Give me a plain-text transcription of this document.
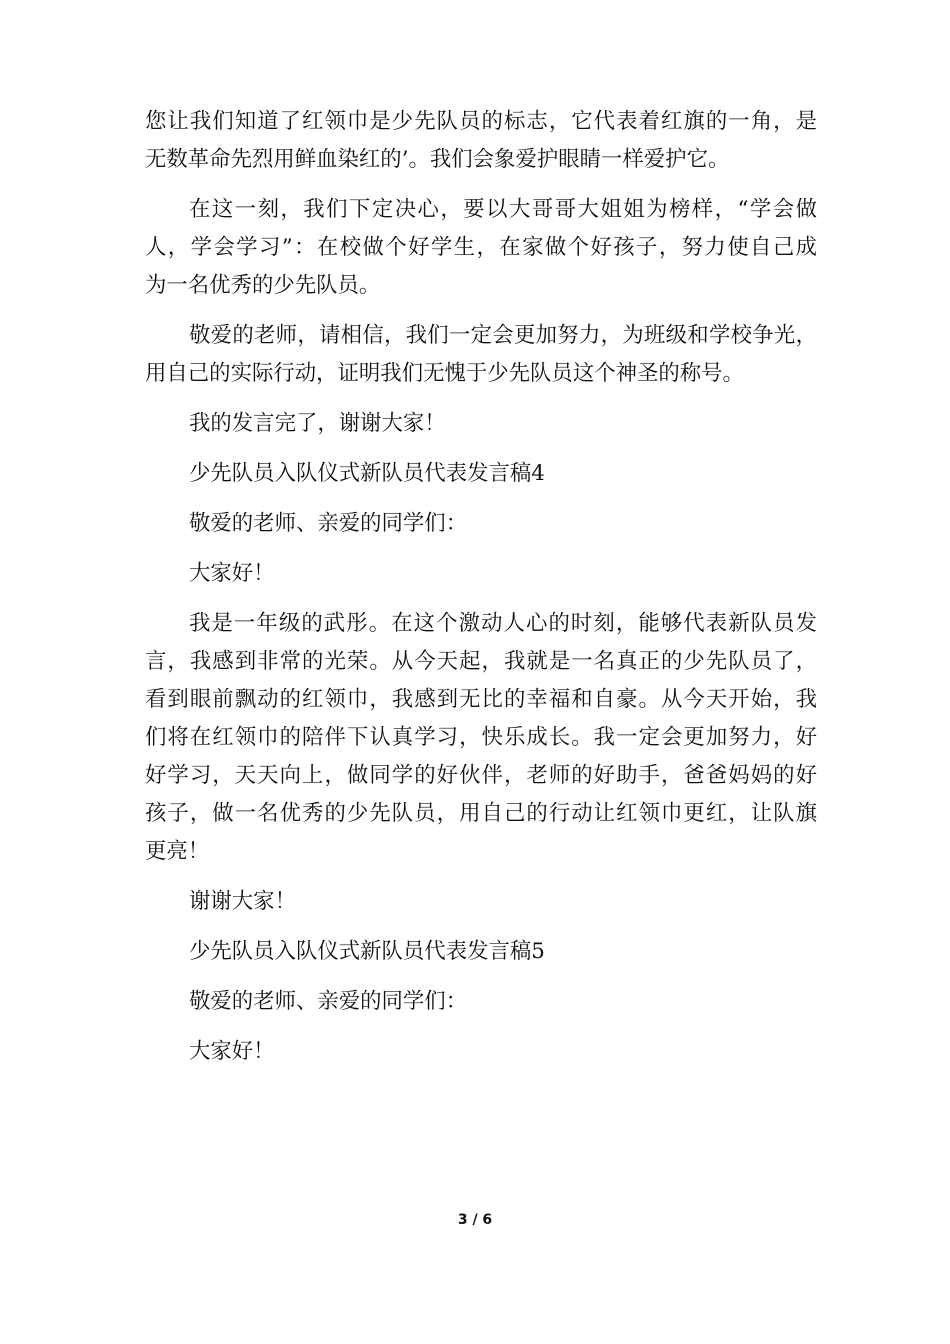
您让我们知道了红领巾是少先队员的标志，它代表着红旗的一角，是
无数革命先烈用鲜血染红的’。我们会象爱护眼睛一样爱护它。
在这一刻，我们下定决心，要以大哥哥大姐姐为榜样，“学会做
人，学会学习”：在校做个好学生，在家做个好孩子，努力使自己成
为一名优秀的少先队员。
敬爱的老师，请相信，我们一定会更加努力，为班级和学校争光，
用自己的实际行动，证明我们无愧于少先队员这个神圣的称号。
我的发言完了，谢谢大家！
少先队员入队仪式新队员代表发言稿4
敬爱的老师、亲爱的同学们：
大家好！
我是一年级的武彤。在这个激动人心的时刻，能够代表新队员发
言，我感到非常的光荣。从今天起，我就是一名真正的少先队员了，
看到眼前飘动的红领巾，我感到无比的幸福和自豪。从今天开始，我
们将在红领巾的陪伴下认真学习，快乐成长。我一定会更加努力，好
好学习，天天向上，做同学的好伙伴，老师的好助手，爸爸妈妈的好
孩子，做一名优秀的少先队员，用自己的行动让红领巾更红，让队旗
更亮！
谢谢大家！
少先队员入队仪式新队员代表发言稿5
敬爱的老师、亲爱的同学们：
大家好！
3 / 6
